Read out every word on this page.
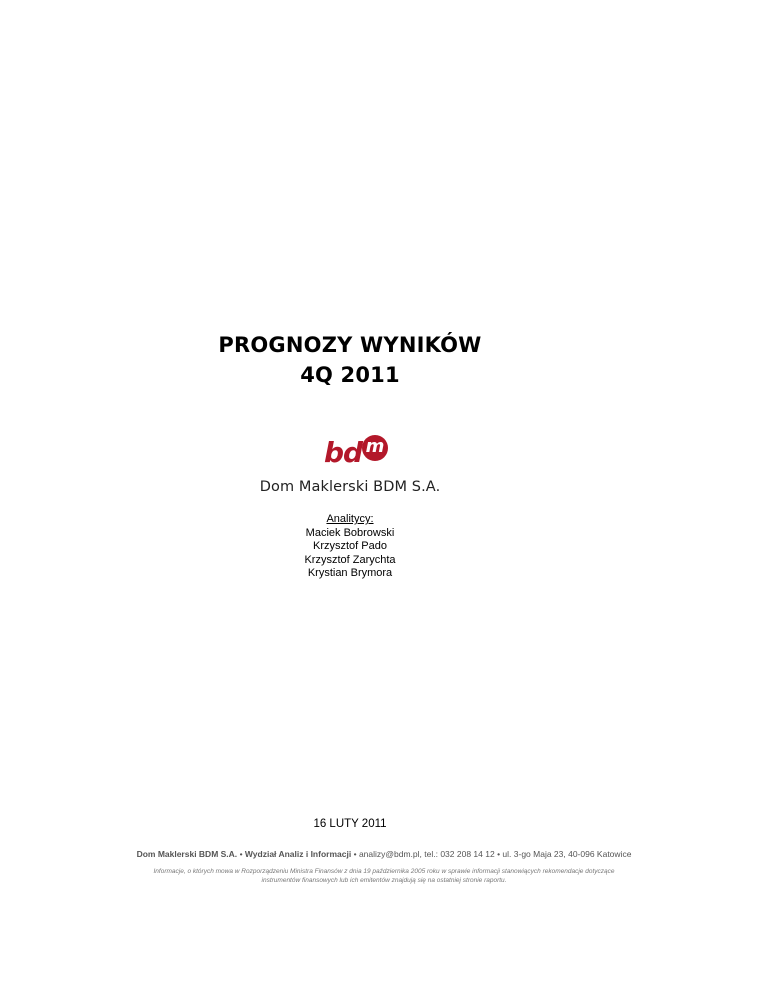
PROGNOZY WYNIKÓW
4Q 2011
bd m
Dom Maklerski BDM S.A.
Analitycy:
Maciek Bobrowski
Krzysztof Pado
Krzysztof Zarychta
Krystian Brymora
16 LUTY 2011
Dom Maklerski BDM S.A. • Wydział Analiz i Informacji • analizy@bdm.pl, tel.: 032 208 14 12 • ul. 3-go Maja 23, 40-096 Katowice
Informacje, o których mowa w Rozporządzeniu Ministra Finansów z dnia 19 października 2005 roku w sprawie informacji stanowiących rekomendacje dotyczące
instrumentów finansowych lub ich emitentów znajdują się na ostatniej stronie raportu.
